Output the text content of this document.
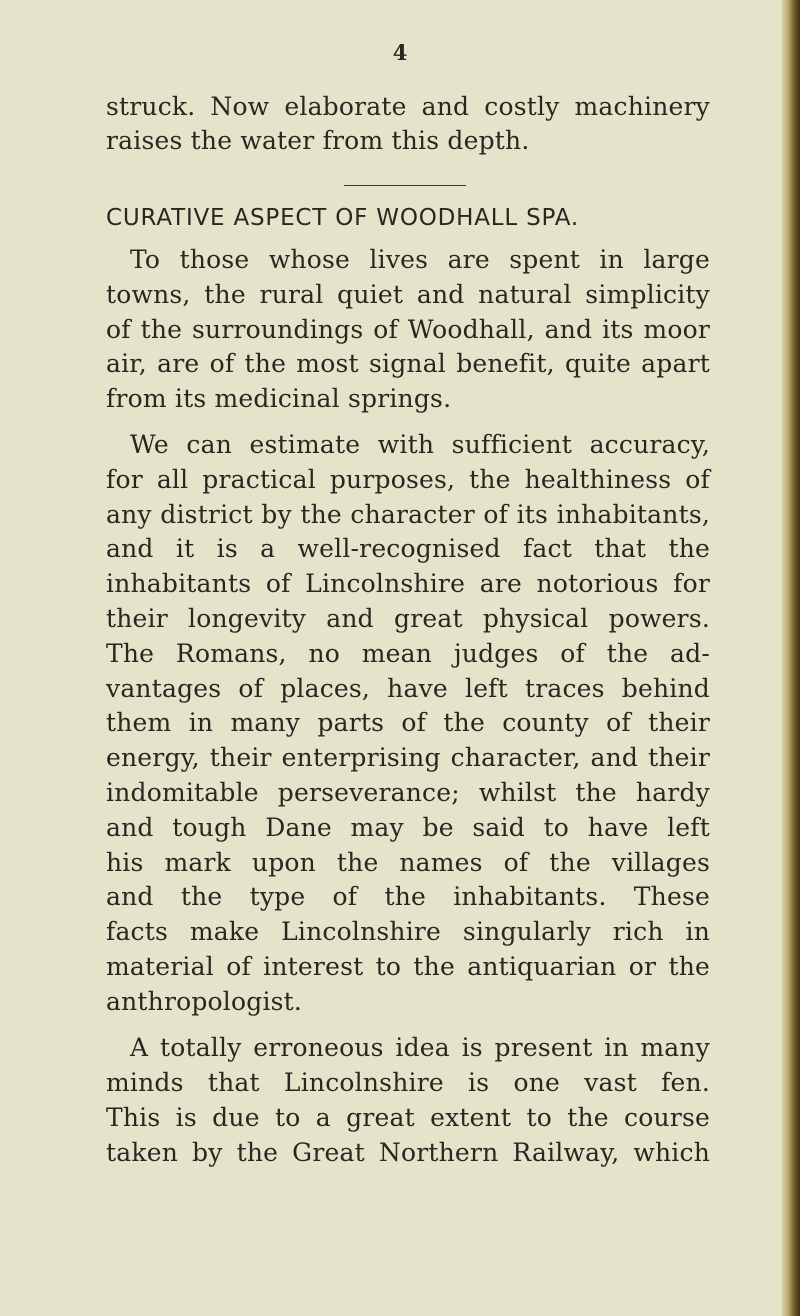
4
struck. Now elaborate and costly machinery
raises the water from this depth.
CURATIVE ASPECT OF WOODHALL SPA.
To those whose lives are spent in large
towns, the rural quiet and natural simplicity
of the surroundings of Woodhall, and its moor
air, are of the most signal benefit, quite apart
from its medicinal springs.
We can estimate with sufficient accuracy,
for all practical purposes, the healthiness of
any district by the character of its inhabitants,
and it is a well-recognised fact that the
inhabitants of Lincolnshire are notorious for
their longevity and great physical powers.
The Romans, no mean judges of the ad-
vantages of places, have left traces behind
them in many parts of the county of their
energy, their enterprising character, and their
indomitable perseverance; whilst the hardy
and tough Dane may be said to have left
his mark upon the names of the villages
and the type of the inhabitants. These
facts make Lincolnshire singularly rich in
material of interest to the antiquarian or the
anthropologist.
A totally erroneous idea is present in many
minds that Lincolnshire is one vast fen.
This is due to a great extent to the course
taken by the Great Northern Railway, which
